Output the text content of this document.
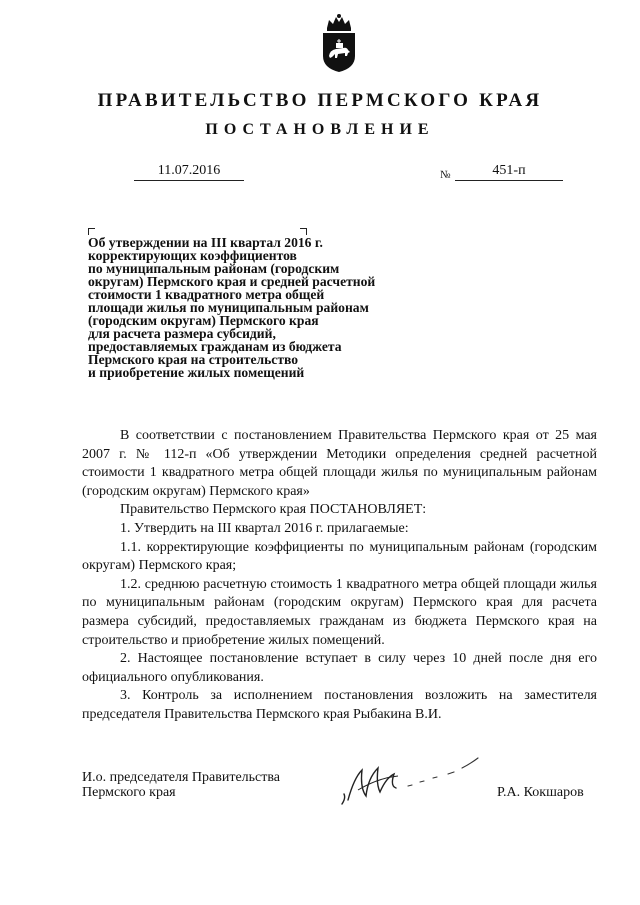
ПРАВИТЕЛЬСТВО ПЕРМСКОГО КРАЯ
ПОСТАНОВЛЕНИЕ
11.07.2016	№	451-п
Об утверждении на III квартал 2016 г.
корректирующих коэффициентов
по муниципальным районам (городским
округам) Пермского края и средней расчетной
стоимости 1 квадратного метра общей
площади жилья по муниципальным районам
(городским округам) Пермского края
для расчета размера субсидий,
предоставляемых гражданам из бюджета
Пермского края на строительство
и приобретение жилых помещений

В соответствии с постановлением Правительства Пермского края от 25 мая 2007 г. № 112-п «Об утверждении Методики определения средней расчетной стоимости 1 квадратного метра общей площади жилья по муниципальным районам (городским округам) Пермского края»

Правительство Пермского края ПОСТАНОВЛЯЕТ:

1. Утвердить на III квартал 2016 г. прилагаемые:

1.1. корректирующие коэффициенты по муниципальным районам (городским округам) Пермского края;

1.2. среднюю расчетную стоимость 1 квадратного метра общей площади жилья по муниципальным районам (городским округам) Пермского края для расчета размера субсидий, предоставляемых гражданам из бюджета Пермского края на строительство и приобретение жилых помещений.

2. Настоящее постановление вступает в силу через 10 дней после дня его официального опубликования.

3. Контроль за исполнением постановления возложить на заместителя председателя Правительства Пермского края Рыбакина В.И.

И.о. председателя Правительства
Пермского края	Р.А. Кокшаров
